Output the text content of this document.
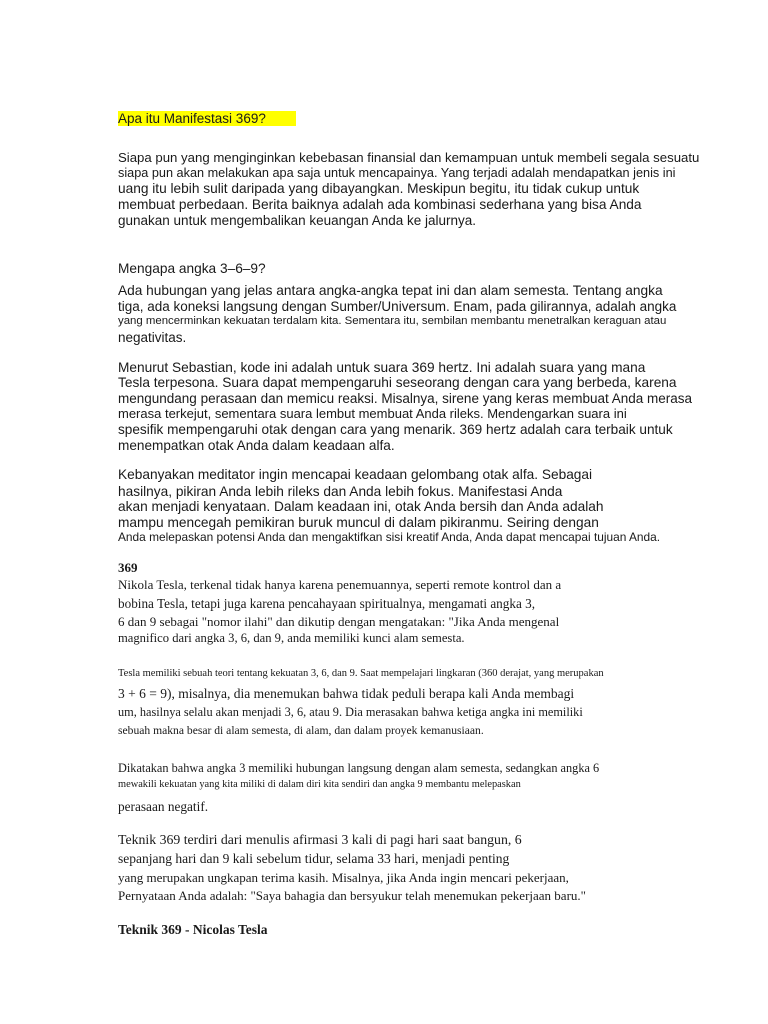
Apa itu Manifestasi 369?
Siapa pun yang menginginkan kebebasan finansial dan kemampuan untuk membeli segala sesuatu
siapa pun akan melakukan apa saja untuk mencapainya. Yang terjadi adalah mendapatkan jenis ini
uang itu lebih sulit daripada yang dibayangkan. Meskipun begitu, itu tidak cukup untuk
membuat perbedaan. Berita baiknya adalah ada kombinasi sederhana yang bisa Anda
gunakan untuk mengembalikan keuangan Anda ke jalurnya.
Mengapa angka 3–6–9?
Ada hubungan yang jelas antara angka-angka tepat ini dan alam semesta. Tentang angka
tiga, ada koneksi langsung dengan Sumber/Universum. Enam, pada gilirannya, adalah angka
yang mencerminkan kekuatan terdalam kita. Sementara itu, sembilan membantu menetralkan keraguan atau
negativitas.
Menurut Sebastian, kode ini adalah untuk suara 369 hertz. Ini adalah suara yang mana
Tesla terpesona. Suara dapat mempengaruhi seseorang dengan cara yang berbeda, karena
mengundang perasaan dan memicu reaksi. Misalnya, sirene yang keras membuat Anda merasa
merasa terkejut, sementara suara lembut membuat Anda rileks. Mendengarkan suara ini
spesifik mempengaruhi otak dengan cara yang menarik. 369 hertz adalah cara terbaik untuk
menempatkan otak Anda dalam keadaan alfa.
Kebanyakan meditator ingin mencapai keadaan gelombang otak alfa. Sebagai
hasilnya, pikiran Anda lebih rileks dan Anda lebih fokus. Manifestasi Anda
akan menjadi kenyataan. Dalam keadaan ini, otak Anda bersih dan Anda adalah
mampu mencegah pemikiran buruk muncul di dalam pikiranmu. Seiring dengan
Anda melepaskan potensi Anda dan mengaktifkan sisi kreatif Anda, Anda dapat mencapai tujuan Anda.
369
Nikola Tesla, terkenal tidak hanya karena penemuannya, seperti remote kontrol dan a
bobina Tesla, tetapi juga karena pencahayaan spiritualnya, mengamati angka 3,
6 dan 9 sebagai "nomor ilahi" dan dikutip dengan mengatakan: "Jika Anda mengenal
magnifico dari angka 3, 6, dan 9, anda memiliki kunci alam semesta.
Tesla memiliki sebuah teori tentang kekuatan 3, 6, dan 9. Saat mempelajari lingkaran (360 derajat, yang merupakan
3 + 6 = 9), misalnya, dia menemukan bahwa tidak peduli berapa kali Anda membagi
um, hasilnya selalu akan menjadi 3, 6, atau 9. Dia merasakan bahwa ketiga angka ini memiliki
sebuah makna besar di alam semesta, di alam, dan dalam proyek kemanusiaan.
Dikatakan bahwa angka 3 memiliki hubungan langsung dengan alam semesta, sedangkan angka 6
mewakili kekuatan yang kita miliki di dalam diri kita sendiri dan angka 9 membantu melepaskan
perasaan negatif.
Teknik 369 terdiri dari menulis afirmasi 3 kali di pagi hari saat bangun, 6
sepanjang hari dan 9 kali sebelum tidur, selama 33 hari, menjadi penting
yang merupakan ungkapan terima kasih. Misalnya, jika Anda ingin mencari pekerjaan,
Pernyataan Anda adalah: "Saya bahagia dan bersyukur telah menemukan pekerjaan baru."
Teknik 369 - Nicolas Tesla
